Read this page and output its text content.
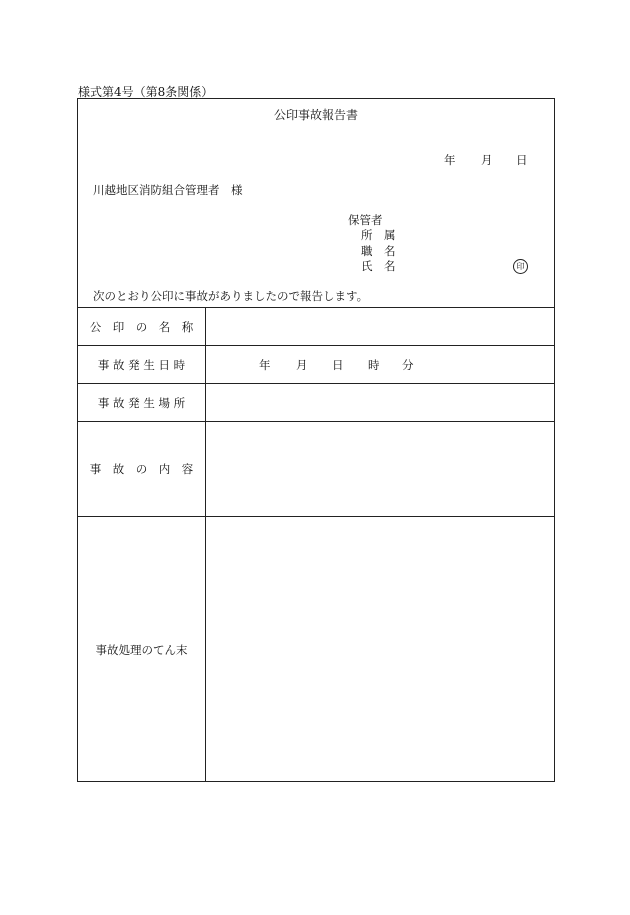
様式第4号（第8条関係）
公印事故報告書
年 月 日
川越地区消防組合管理者　様
保管者
所　属
職　名
氏　名	印
次のとおり公印に事故がありましたので報告します。
公　印　の　名　称
事 故 発 生 日 時	年 月 日 時 分
事 故 発 生 場 所
事　故　の　内　容
事故処理のてん末
